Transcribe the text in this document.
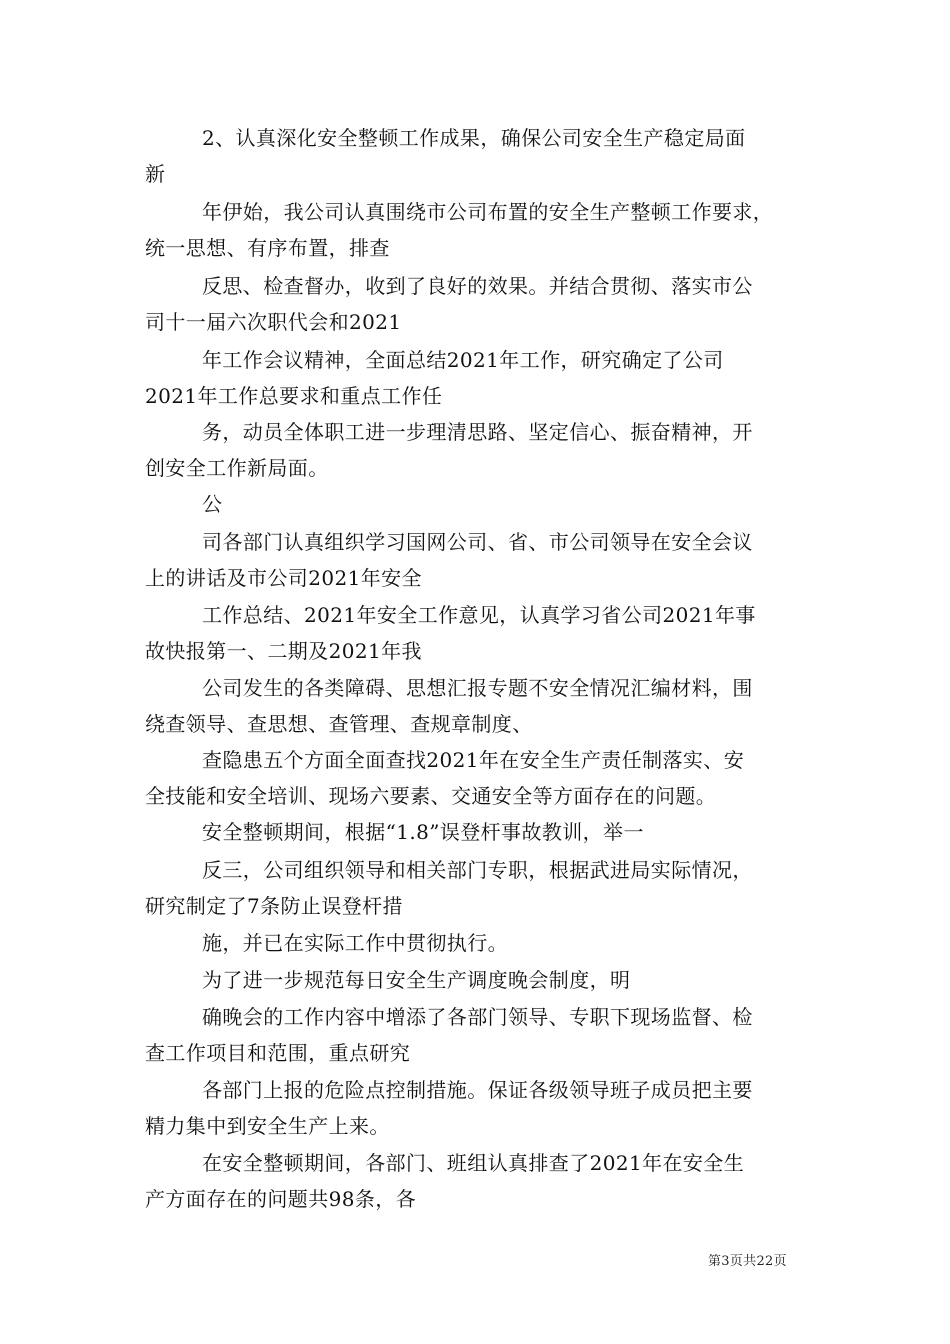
2、认真深化安全整顿工作成果，确保公司安全生产稳定局面
新

年伊始，我公司认真围绕市公司布置的安全生产整顿工作要求，
统一思想、有序布置，排查

反思、检查督办，收到了良好的效果。并结合贯彻、落实市公
司十一届六次职代会和2021

年工作会议精神，全面总结2021年工作，研究确定了公司
2021年工作总要求和重点工作任

务，动员全体职工进一步理清思路、坚定信心、振奋精神，开
创安全工作新局面。

公

司各部门认真组织学习国网公司、省、市公司领导在安全会议
上的讲话及市公司2021年安全

工作总结、2021年安全工作意见，认真学习省公司2021年事
故快报第一、二期及2021年我

公司发生的各类障碍、思想汇报专题不安全情况汇编材料，围
绕查领导、查思想、查管理、查规章制度、

查隐患五个方面全面查找2021年在安全生产责任制落实、安
全技能和安全培训、现场六要素、交通安全等方面存在的问题。

安全整顿期间，根据“1.8”误登杆事故教训，举一

反三，公司组织领导和相关部门专职，根据武进局实际情况，
研究制定了7条防止误登杆措

施，并已在实际工作中贯彻执行。

为了进一步规范每日安全生产调度晚会制度，明

确晚会的工作内容中增添了各部门领导、专职下现场监督、检
查工作项目和范围，重点研究

各部门上报的危险点控制措施。保证各级领导班子成员把主要
精力集中到安全生产上来。

在安全整顿期间，各部门、班组认真排查了2021年在安全生
产方面存在的问题共98条，各

第3页共22页
